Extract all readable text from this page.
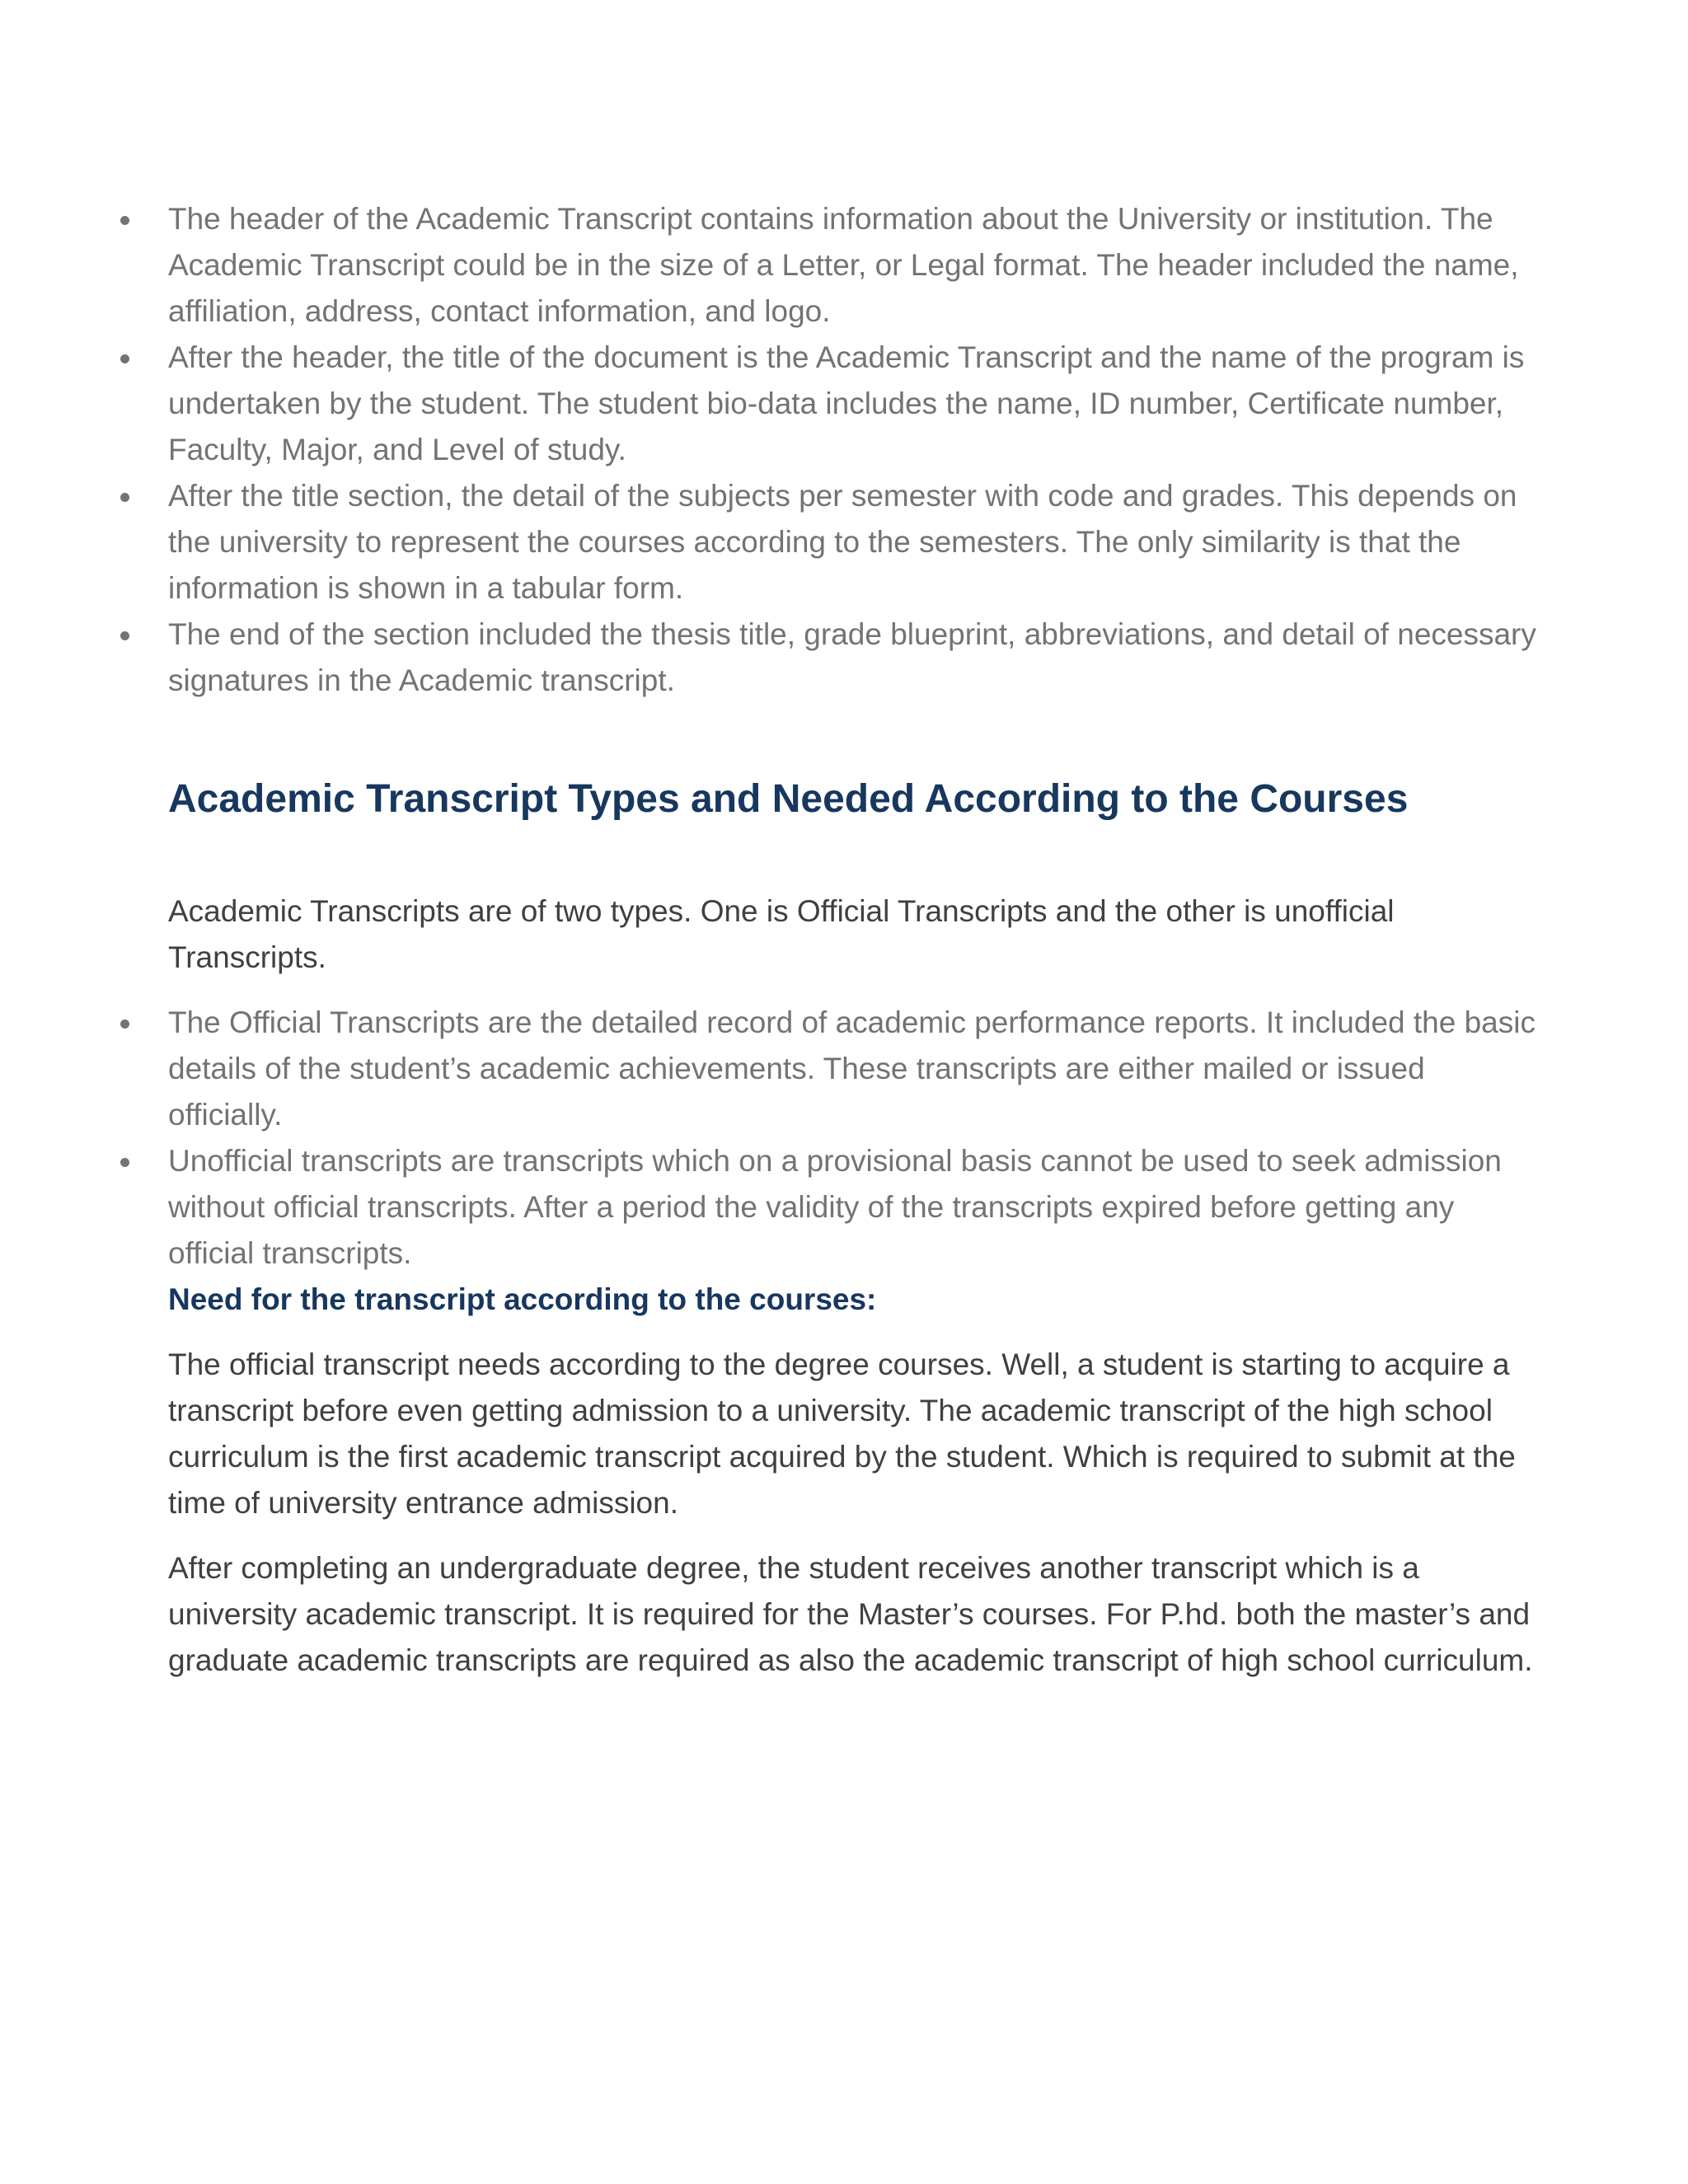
The header of the Academic Transcript contains information about the University or institution. The Academic Transcript could be in the size of a Letter, or Legal format. The header included the name, affiliation, address, contact information, and logo.
After the header, the title of the document is the Academic Transcript and the name of the program is undertaken by the student. The student bio-data includes the name, ID number, Certificate number, Faculty, Major, and Level of study.
After the title section, the detail of the subjects per semester with code and grades. This depends on the university to represent the courses according to the semesters. The only similarity is that the information is shown in a tabular form.
The end of the section included the thesis title, grade blueprint, abbreviations, and detail of necessary signatures in the Academic transcript.
Academic Transcript Types and Needed According to the Courses

Academic Transcripts are of two types. One is Official Transcripts and the other is unofficial Transcripts.

The Official Transcripts are the detailed record of academic performance reports. It included the basic details of the student’s academic achievements. These transcripts are either mailed or issued officially.
Unofficial transcripts are transcripts which on a provisional basis cannot be used to seek admission without official transcripts. After a period the validity of the transcripts expired before getting any official transcripts.
Need for the transcript according to the courses:

The official transcript needs according to the degree courses. Well, a student is starting to acquire a transcript before even getting admission to a university. The academic transcript of the high school curriculum is the first academic transcript acquired by the student. Which is required to submit at the time of university entrance admission.

After completing an undergraduate degree, the student receives another transcript which is a university academic transcript. It is required for the Master’s courses. For P.hd. both the master’s and graduate academic transcripts are required as also the academic transcript of high school curriculum.
